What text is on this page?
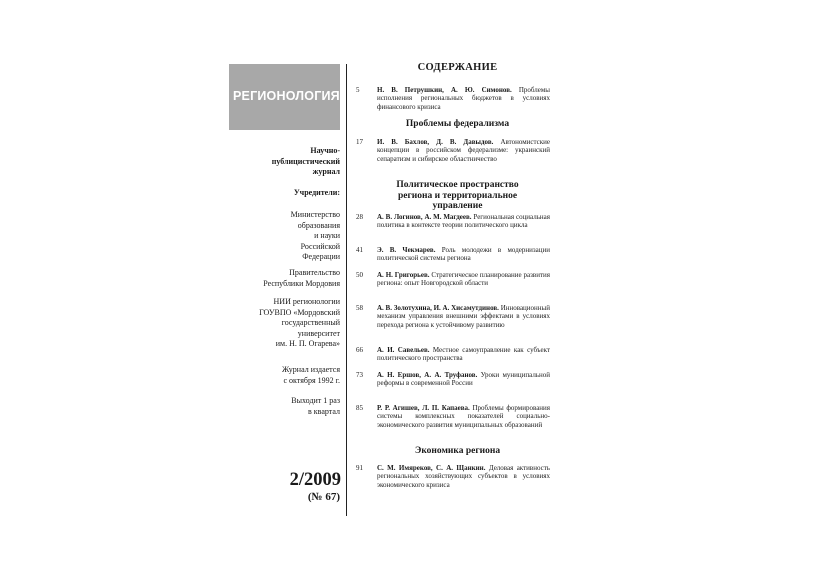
РЕГИОНОЛОГИЯ
Научно-
публицистический
журнал
Учредители:
Министерство
образования
и науки
Российской
Федерации
Правительство
Республики Мордовия
НИИ регионологии
ГОУВПО «Мордовский
государственный
университет
им. Н. П. Огарева»
Журнал издается
с октября 1992 г.
Выходит 1 раз
в квартал
2/2009
(№ 67)
СОДЕРЖАНИЕ
5	Н. В. Петрушкин, А. Ю. Симонов. Проблемы исполнения региональных бюджетов в условиях финансового кризиса
Проблемы федерализма
17	И. В. Бахлов, Д. В. Давыдов. Автономистские концепции в российском федерализме: украинский сепаратизм и сибирское областничество
Политическое пространство
региона и территориальное
управление
28	А. В. Логинов, А. М. Магдеев. Региональная социальная политика в контексте теории политического цикла
41	Э. В. Чекмарев. Роль молодежи в модернизации политической системы региона
50	А. Н. Григорьев. Стратегическое планирование развития региона: опыт Новгородской области
58	А. В. Золотухина, И. А. Хисамутдинов. Инновационный механизм управления внешними эффектами в условиях перехода региона к устойчивому развитию
66	А. И. Савельев. Местное самоуправление как субъект политического пространства
73	А. Н. Ершов, А. А. Труфанов. Уроки муниципальной реформы в современной России
85	Р. Р. Агишев, Л. П. Капаева. Проблемы формирования системы комплексных показателей социально-экономического развития муниципальных образований
Экономика региона
91	С. М. Имяреков, С. А. Щанкин. Деловая активность региональных хозяйствующих субъектов в условиях экономического кризиса
